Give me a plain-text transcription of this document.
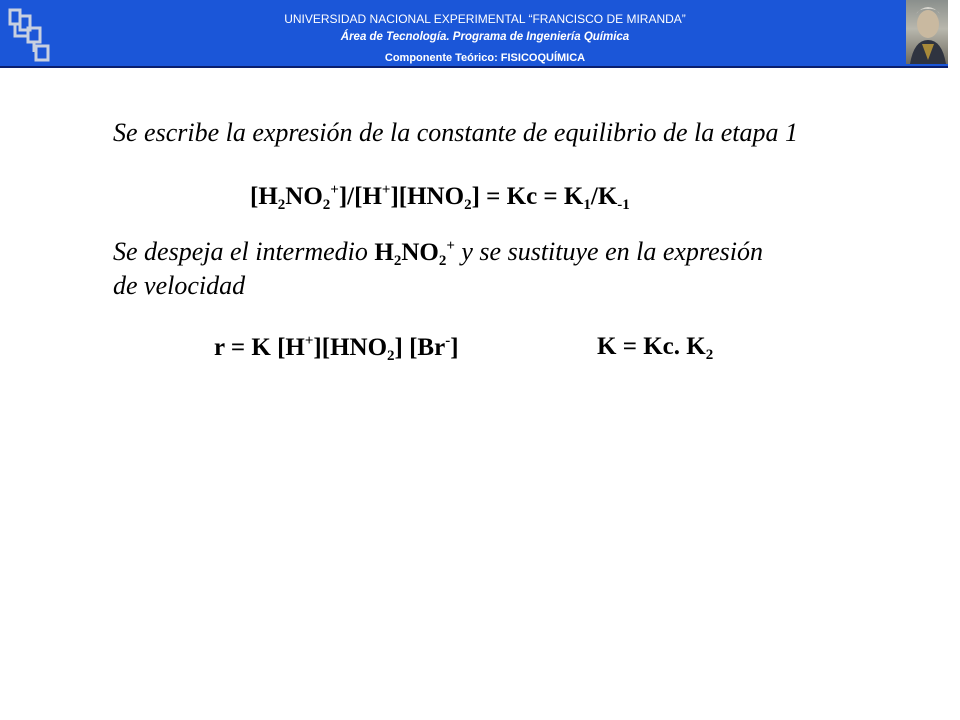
UNIVERSIDAD NACIONAL EXPERIMENTAL “FRANCISCO DE MIRANDA”
Área de Tecnología. Programa de Ingeniería Química
Componente Teórico: FISICOQUÍMICA
Se escribe la expresión de la constante de equilibrio de la etapa 1
$[H_2NO_2^+]/[H^+][HNO_2] = Kc = K_1/K_{-1}$
Se despeja el intermedio $H_2NO_2^+$ y se sustituye en la expresión
de velocidad
r = K $[H^+][HNO_2]$ [Br-]	K = Kc. $K_2$
